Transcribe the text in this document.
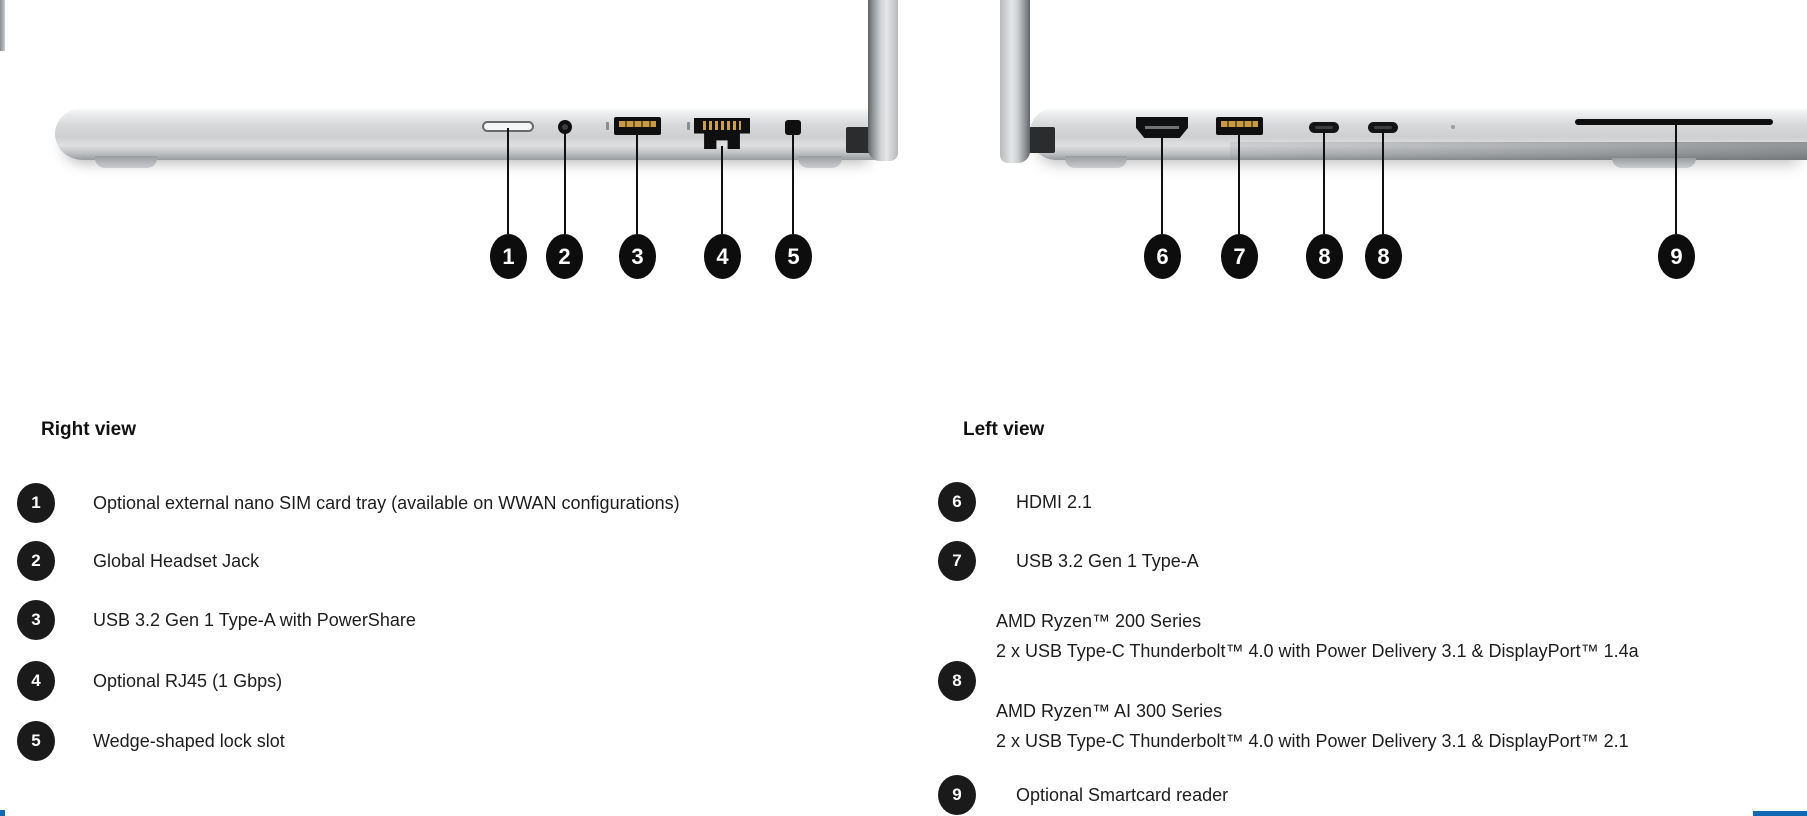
1 2	3	4	5	6	7	8 8	9
Right view
1	Optional external nano SIM card tray (available on WWAN configurations)
2	Global Headset Jack
3	USB 3.2 Gen 1 Type-A with PowerShare
4	Optional RJ45 (1 Gbps)
5	Wedge-shaped lock slot
Left view
6	HDMI 2.1
7	USB 3.2 Gen 1 Type-A
8
AMD Ryzen™ 200 Series
2 x USB Type-C Thunderbolt™ 4.0 with Power Delivery 3.1 & DisplayPort™ 1.4a
AMD Ryzen™ AI 300 Series
2 x USB Type-C Thunderbolt™ 4.0 with Power Delivery 3.1 & DisplayPort™ 2.1
9	Optional Smartcard reader
